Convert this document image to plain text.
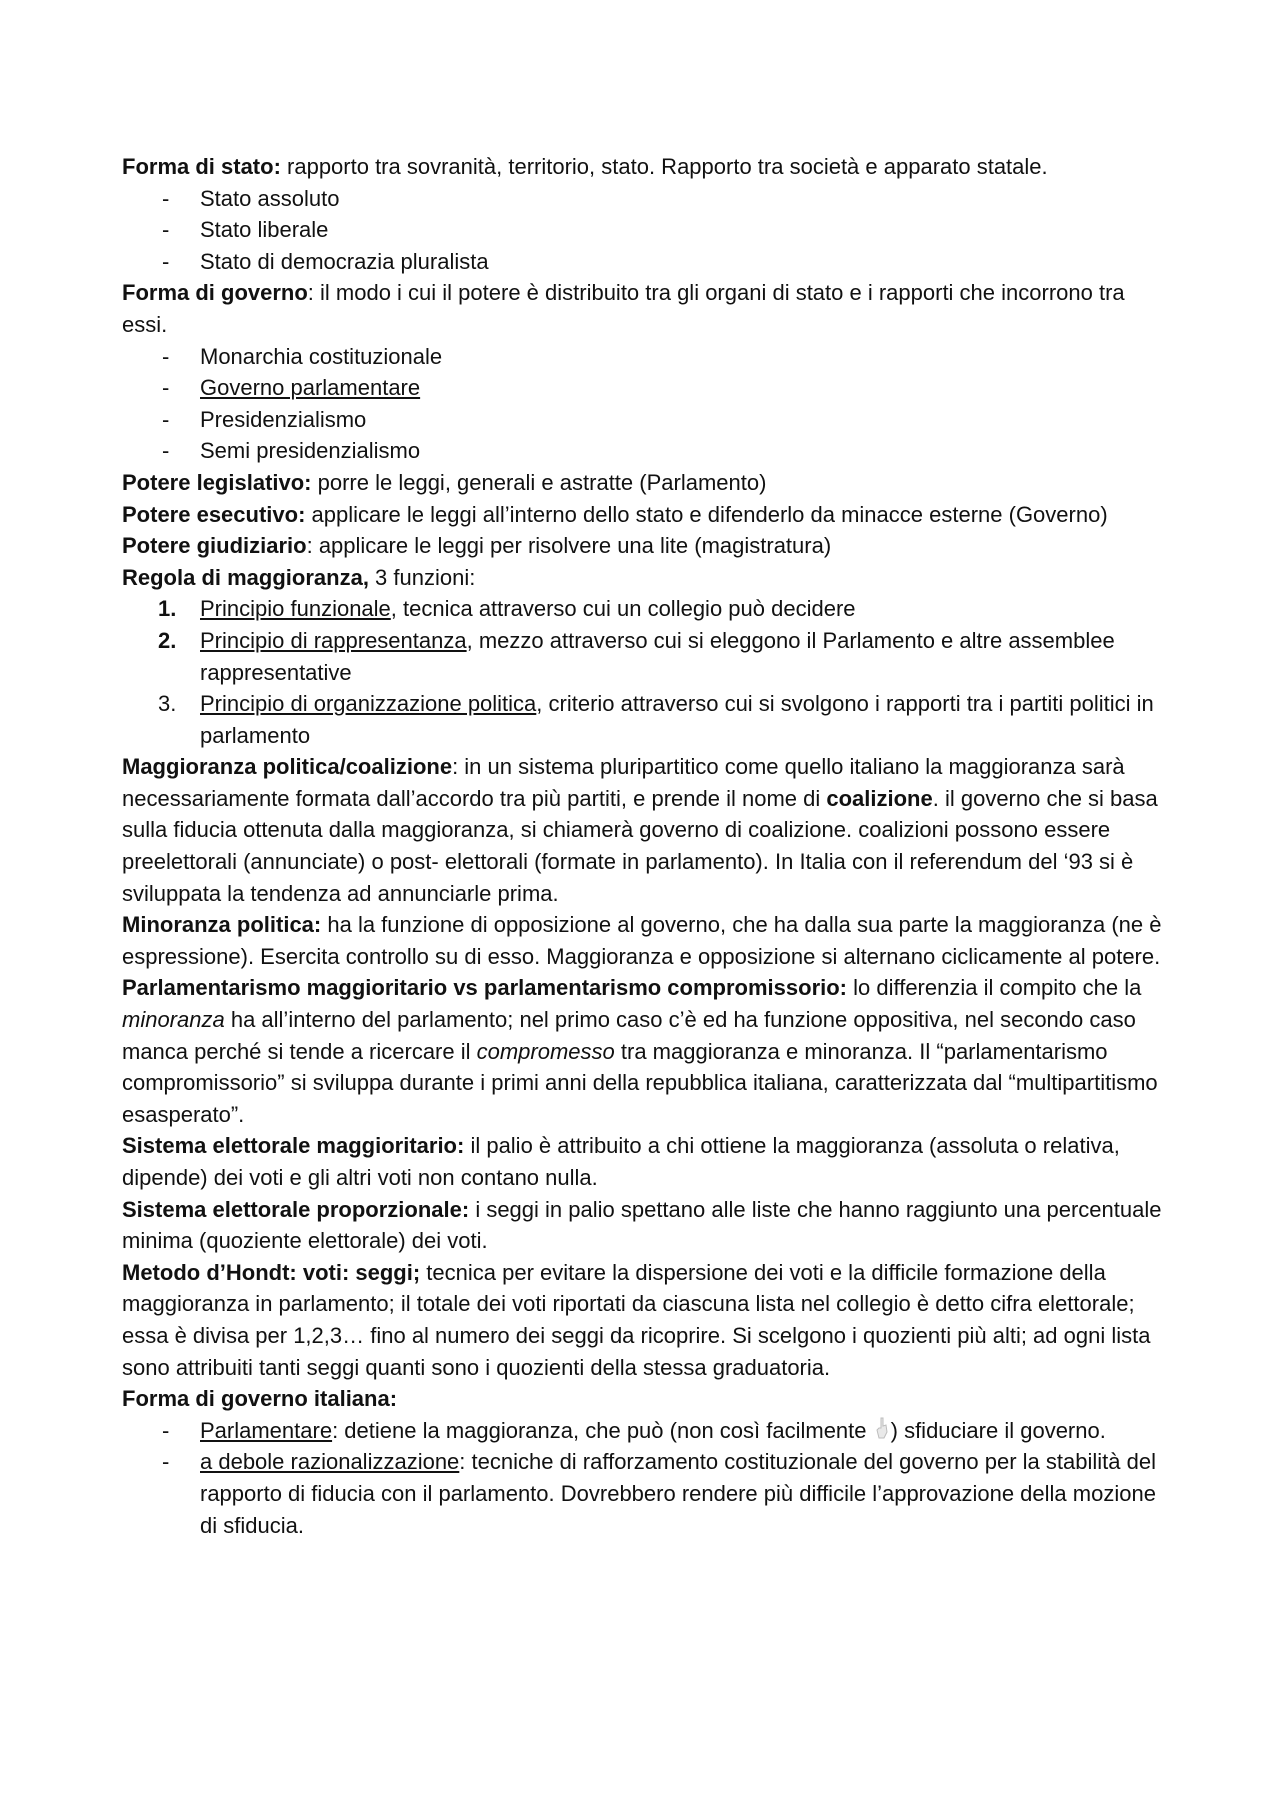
Forma di stato: rapporto tra sovranità, territorio, stato. Rapporto tra società e apparato statale.

- Stato assoluto
- Stato liberale
- Stato di democrazia pluralista

Forma di governo: il modo i cui il potere è distribuito tra gli organi di stato e i rapporti che incorrono tra essi.

- Monarchia costituzionale
- Governo parlamentare
- Presidenzialismo
- Semi presidenzialismo

Potere legislativo: porre le leggi, generali e astratte (Parlamento)

Potere esecutivo: applicare le leggi all’interno dello stato e difenderlo da minacce esterne (Governo)

Potere giudiziario: applicare le leggi per risolvere una lite (magistratura)

Regola di maggioranza, 3 funzioni:

1. Principio funzionale, tecnica attraverso cui un collegio può decidere
2. Principio di rappresentanza, mezzo attraverso cui si eleggono il Parlamento e altre assemblee rappresentative
3. Principio di organizzazione politica, criterio attraverso cui si svolgono i rapporti tra i partiti politici in parlamento

Maggioranza politica/coalizione: in un sistema pluripartitico come quello italiano la maggioranza sarà necessariamente formata dall’accordo tra più partiti, e prende il nome di coalizione. il governo che si basa sulla fiducia ottenuta dalla maggioranza, si chiamerà governo di coalizione. coalizioni possono essere preelettorali (annunciate) o post- elettorali (formate in parlamento). In Italia con il referendum del ‘93 si è sviluppata la tendenza ad annunciarle prima.

Minoranza politica: ha la funzione di opposizione al governo, che ha dalla sua parte la maggioranza (ne è espressione). Esercita controllo su di esso. Maggioranza e opposizione si alternano ciclicamente al potere.

Parlamentarismo maggioritario vs parlamentarismo compromissorio: lo differenzia il compito che la minoranza ha all’interno del parlamento; nel primo caso c’è ed ha funzione oppositiva, nel secondo caso manca perché si tende a ricercare il compromesso tra maggioranza e minoranza. Il “parlamentarismo compromissorio” si sviluppa durante i primi anni della repubblica italiana, caratterizzata dal “multipartitismo esasperato”.

Sistema elettorale maggioritario: il palio è attribuito a chi ottiene la maggioranza (assoluta o relativa, dipende) dei voti e gli altri voti non contano nulla.

Sistema elettorale proporzionale: i seggi in palio spettano alle liste che hanno raggiunto una percentuale minima (quoziente elettorale) dei voti.

Metodo d’Hondt: voti: seggi; tecnica per evitare la dispersione dei voti e la difficile formazione della maggioranza in parlamento; il totale dei voti riportati da ciascuna lista nel collegio è detto cifra elettorale; essa è divisa per 1,2,3… fino al numero dei seggi da ricoprire. Si scelgono i quozienti più alti; ad ogni lista sono attribuiti tanti seggi quanti sono i quozienti della stessa graduatoria.

Forma di governo italiana:

- Parlamentare: detiene la maggioranza, che può (non così facilmente ) sfiduciare il governo.
- a debole razionalizzazione: tecniche di rafforzamento costituzionale del governo per la stabilità del rapporto di fiducia con il parlamento. Dovrebbero rendere più difficile l’approvazione della mozione di sfiducia.
